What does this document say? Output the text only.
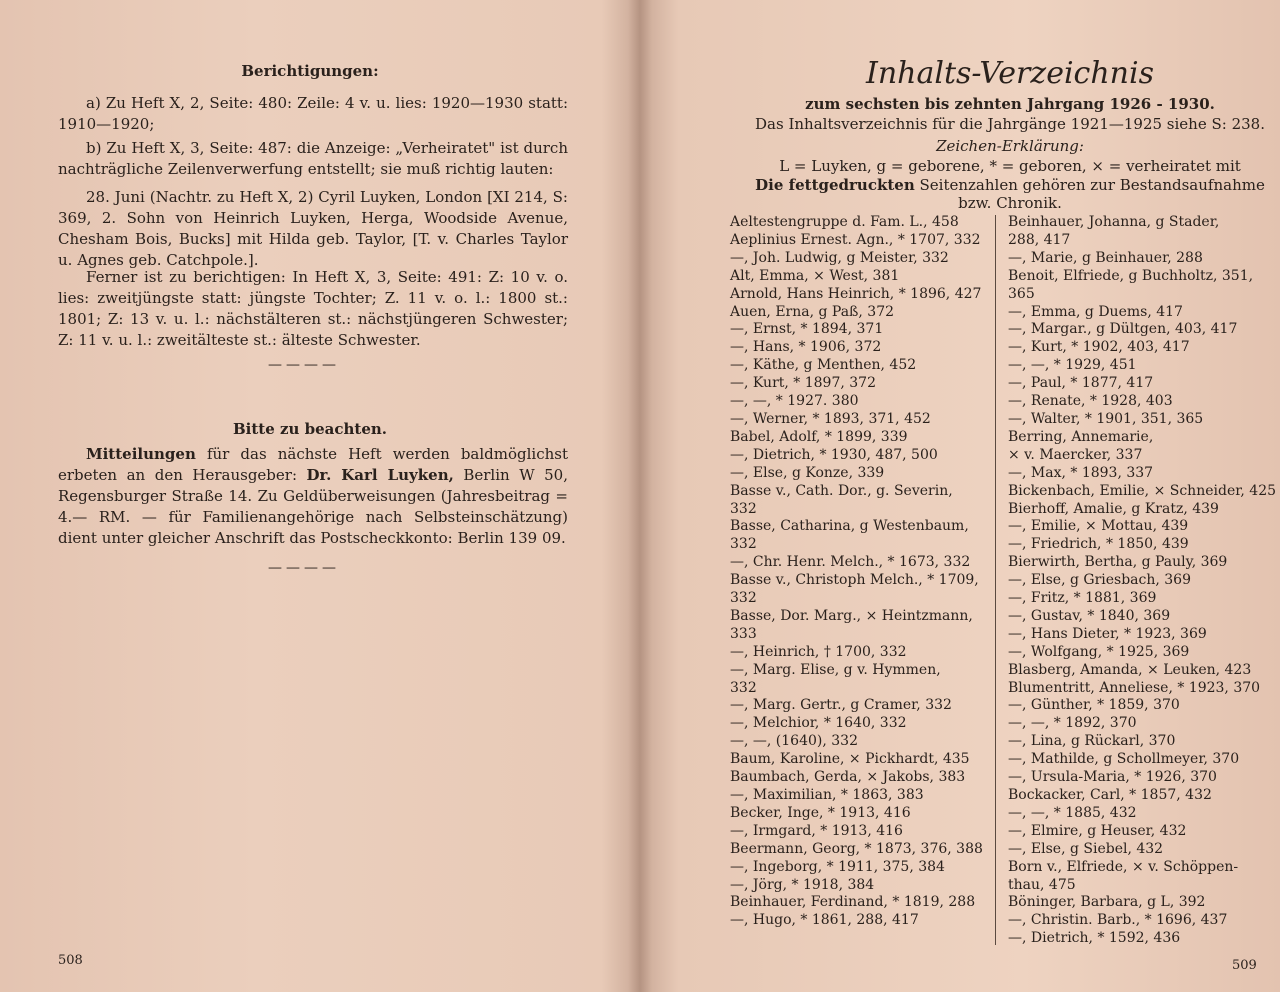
Berichtigungen:
a) Zu Heft X, 2, Seite: 480: Zeile: 4 v. u. lies: 1920—1930 statt: 1910—1920;
b) Zu Heft X, 3, Seite: 487: die Anzeige: „Verheiratet" ist durch nachträgliche Zeilenverwerfung entstellt; sie muß richtig lauten:
28. Juni (Nachtr. zu Heft X, 2) Cyril Luyken, London [XI 214, S: 369, 2. Sohn von Heinrich Luyken, Herga, Woodside Avenue, Chesham Bois, Bucks] mit Hilda geb. Taylor, [T. v. Charles Taylor u. Agnes geb. Catchpole.].
Ferner ist zu berichtigen: In Heft X, 3, Seite: 491: Z: 10 v. o. lies: zweitjüngste statt: jüngste Tochter; Z. 11 v. o. l.: 1800 st.: 1801; Z: 13 v. u. l.: nächstälteren st.: nächstjüngeren Schwester; Z: 11 v. u. l.: zweitälteste st.: älteste Schwester.
————
Bitte zu beachten.
Mitteilungen für das nächste Heft werden baldmöglichst erbeten an den Herausgeber: Dr. Karl Luyken, Berlin W 50, Regensburger Straße 14. Zu Geldüberweisungen (Jahresbeitrag = 4.— RM. — für Familienangehörige nach Selbsteinschätzung) dient unter gleicher Anschrift das Postscheckkonto: Berlin 139 09.
————
508
Inhalts-Verzeichnis
zum sechsten bis zehnten Jahrgang 1926 - 1930.
Das Inhaltsverzeichnis für die Jahrgänge 1921—1925 siehe S: 238.
Zeichen-Erklärung:
L = Luyken, g = geborene, * = geboren, × = verheiratet mit
Die fettgedruckten Seitenzahlen gehören zur Bestandsaufnahme
bzw. Chronik.
Aeltestengruppe d. Fam. L., 458
Aeplinius Ernest. Agn., * 1707, 332
—, Joh. Ludwig, g Meister, 332
Alt, Emma, × West, 381
Arnold, Hans Heinrich, * 1896, 427
Auen, Erna, g Paß, 372
—, Ernst, * 1894, 371
—, Hans, * 1906, 372
—, Käthe, g Menthen, 452
—, Kurt, * 1897, 372
—, —, * 1927. 380
—, Werner, * 1893, 371, 452
Babel, Adolf, * 1899, 339
—, Dietrich, * 1930, 487, 500
—, Else, g Konze, 339
Basse v., Cath. Dor., g. Severin,
332
Basse, Catharina, g Westenbaum,
332
—, Chr. Henr. Melch., * 1673, 332
Basse v., Christoph Melch., * 1709,
332
Basse, Dor. Marg., × Heintzmann,
333
—, Heinrich, † 1700, 332
—, Marg. Elise, g v. Hymmen,
332
—, Marg. Gertr., g Cramer, 332
—, Melchior, * 1640, 332
—, —, (1640), 332
Baum, Karoline, × Pickhardt, 435
Baumbach, Gerda, × Jakobs, 383
—, Maximilian, * 1863, 383
Becker, Inge, * 1913, 416
—, Irmgard, * 1913, 416
Beermann, Georg, * 1873, 376, 388
—, Ingeborg, * 1911, 375, 384
—, Jörg, * 1918, 384
Beinhauer, Ferdinand, * 1819, 288
—, Hugo, * 1861, 288, 417
Beinhauer, Johanna, g Stader,
288, 417
—, Marie, g Beinhauer, 288
Benoit, Elfriede, g Buchholtz, 351,
365
—, Emma, g Duems, 417
—, Margar., g Dültgen, 403, 417
—, Kurt, * 1902, 403, 417
—, —, * 1929, 451
—, Paul, * 1877, 417
—, Renate, * 1928, 403
—, Walter, * 1901, 351, 365
Berring, Annemarie,
× v. Maercker, 337
—, Max, * 1893, 337
Bickenbach, Emilie, × Schneider, 425
Bierhoff, Amalie, g Kratz, 439
—, Emilie, × Mottau, 439
—, Friedrich, * 1850, 439
Bierwirth, Bertha, g Pauly, 369
—, Else, g Griesbach, 369
—, Fritz, * 1881, 369
—, Gustav, * 1840, 369
—, Hans Dieter, * 1923, 369
—, Wolfgang, * 1925, 369
Blasberg, Amanda, × Leuken, 423
Blumentritt, Anneliese, * 1923, 370
—, Günther, * 1859, 370
—, —, * 1892, 370
—, Lina, g Rückarl, 370
—, Mathilde, g Schollmeyer, 370
—, Ursula-Maria, * 1926, 370
Bockacker, Carl, * 1857, 432
—, —, * 1885, 432
—, Elmire, g Heuser, 432
—, Else, g Siebel, 432
Born v., Elfriede, × v. Schöppen-
thau, 475
Böninger, Barbara, g L, 392
—, Christin. Barb., * 1696, 437
—, Dietrich, * 1592, 436
509
